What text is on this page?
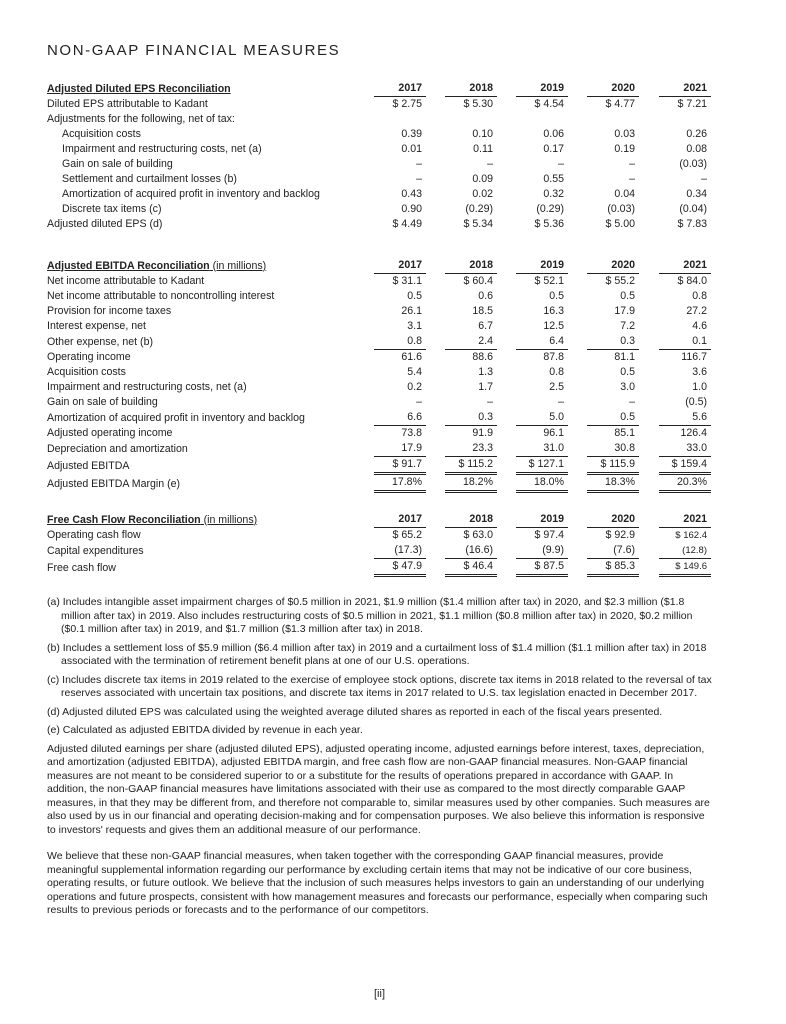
NON-GAAP FINANCIAL MEASURES
Adjusted Diluted EPS Reconciliation	2017	2018	2019	2020	2021
Diluted EPS attributable to Kadant	$ 2.75	$ 5.30	$ 4.54	$ 4.77	$ 7.21
Adjustments for the following, net of tax:					
Acquisition costs	0.39	0.10	0.06	0.03	0.26
Impairment and restructuring costs, net (a)	0.01	0.11	0.17	0.19	0.08
Gain on sale of building	–	–	–	–	(0.03)
Settlement and curtailment losses (b)	–	0.09	0.55	–	–
Amortization of acquired profit in inventory and backlog	0.43	0.02	0.32	0.04	0.34
Discrete tax items (c)	0.90	(0.29)	(0.29)	(0.03)	(0.04)
Adjusted diluted EPS (d)	$ 4.49	$ 5.34	$ 5.36	$ 5.00	$ 7.83
Adjusted EBITDA Reconciliation (in millions)	2017	2018	2019	2020	2021
Net income attributable to Kadant	$ 31.1	$ 60.4	$ 52.1	$ 55.2	$ 84.0
Net income attributable to noncontrolling interest	0.5	0.6	0.5	0.5	0.8
Provision for income taxes	26.1	18.5	16.3	17.9	27.2
Interest expense, net	3.1	6.7	12.5	7.2	4.6
Other expense, net (b)	0.8	2.4	6.4	0.3	0.1
Operating income	61.6	88.6	87.8	81.1	116.7
Acquisition costs	5.4	1.3	0.8	0.5	3.6
Impairment and restructuring costs, net (a)	0.2	1.7	2.5	3.0	1.0
Gain on sale of building	–	–	–	–	(0.5)
Amortization of acquired profit in inventory and backlog	6.6	0.3	5.0	0.5	5.6
Adjusted operating income	73.8	91.9	96.1	85.1	126.4
Depreciation and amortization	17.9	23.3	31.0	30.8	33.0
Adjusted EBITDA	$ 91.7	$ 115.2	$ 127.1	$ 115.9	$ 159.4
Adjusted EBITDA Margin (e)	17.8%	18.2%	18.0%	18.3%	20.3%
Free Cash Flow Reconciliation (in millions)	2017	2018	2019	2020	2021
Operating cash flow	$ 65.2	$ 63.0	$ 97.4	$ 92.9	$ 162.4
Capital expenditures	(17.3)	(16.6)	(9.9)	(7.6)	(12.8)
Free cash flow	$ 47.9	$ 46.4	$ 87.5	$ 85.3	$ 149.6

(a) Includes intangible asset impairment charges of $0.5 million in 2021, $1.9 million ($1.4 million after tax) in 2020, and $2.3 million ($1.8 million after tax) in 2019. Also includes restructuring costs of $0.5 million in 2021, $1.1 million ($0.8 million after tax) in 2020, $0.2 million ($0.1 million after tax) in 2019, and $1.7 million ($1.3 million after tax) in 2018.

(b) Includes a settlement loss of $5.9 million ($6.4 million after tax) in 2019 and a curtailment loss of $1.4 million ($1.1 million after tax) in 2018 associated with the termination of retirement benefit plans at one of our U.S. operations.

(c) Includes discrete tax items in 2019 related to the exercise of employee stock options, discrete tax items in 2018 related to the reversal of tax reserves associated with uncertain tax positions, and discrete tax items in 2017 related to U.S. tax legislation enacted in December 2017.

(d) Adjusted diluted EPS was calculated using the weighted average diluted shares as reported in each of the fiscal years presented.

(e) Calculated as adjusted EBITDA divided by revenue in each year.

Adjusted diluted earnings per share (adjusted diluted EPS), adjusted operating income, adjusted earnings before interest, taxes, depreciation, and amortization (adjusted EBITDA), adjusted EBITDA margin, and free cash flow are non-GAAP financial measures. Non-GAAP financial measures are not meant to be considered superior to or a substitute for the results of operations prepared in accordance with GAAP. In addition, the non-GAAP financial measures have limitations associated with their use as compared to the most directly comparable GAAP measures, in that they may be different from, and therefore not comparable to, similar measures used by other companies. Such measures are also used by us in our financial and operating decision-making and for compensation purposes. We also believe this information is responsive to investors' requests and gives them an additional measure of our performance.

We believe that these non-GAAP financial measures, when taken together with the corresponding GAAP financial measures, provide meaningful supplemental information regarding our performance by excluding certain items that may not be indicative of our core business, operating results, or future outlook. We believe that the inclusion of such measures helps investors to gain an understanding of our underlying operations and future prospects, consistent with how management measures and forecasts our performance, especially when comparing such results to previous periods or forecasts and to the performance of our competitors.

[ii]
